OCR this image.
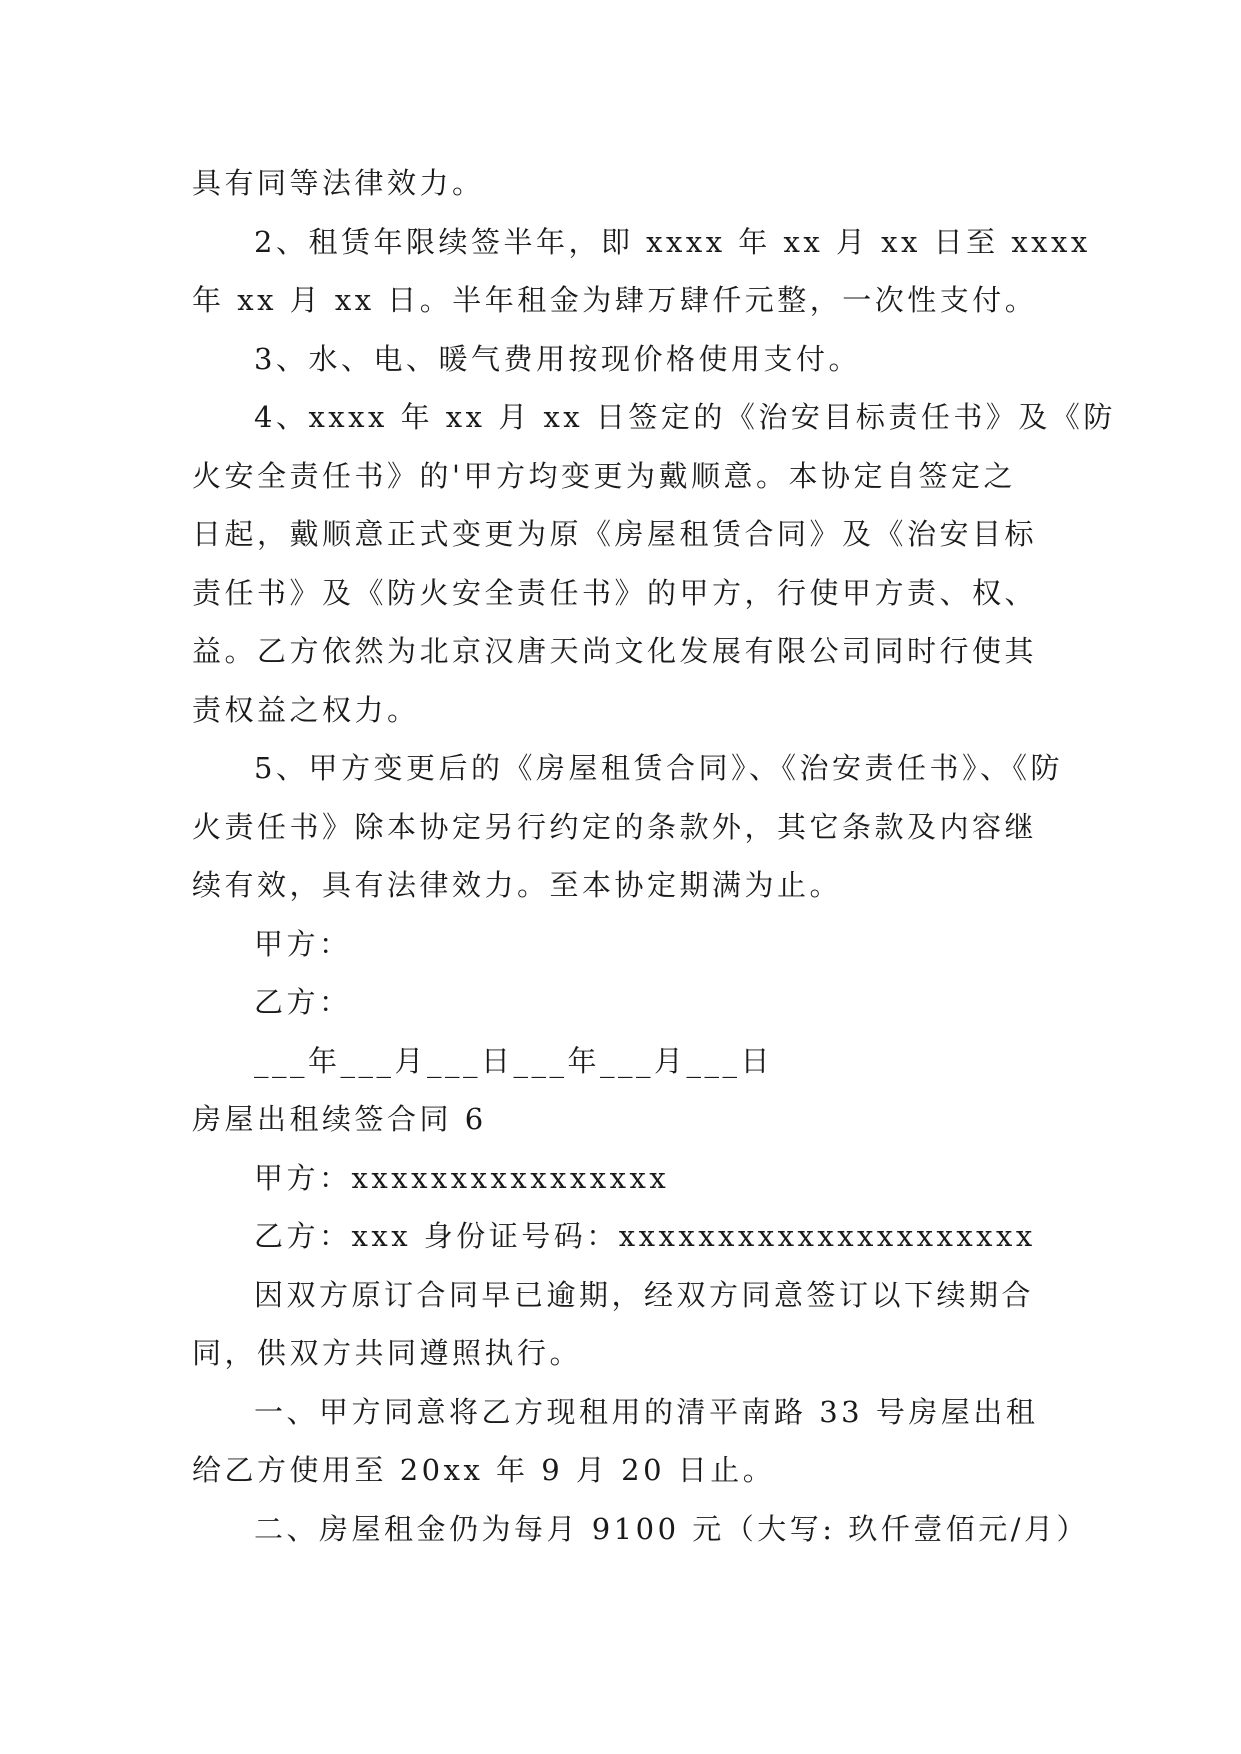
具有同等法律效力。
2、租赁年限续签半年，即 xxxx 年 xx 月 xx 日至 xxxx
年 xx 月 xx 日。半年租金为肆万肆仟元整，一次性支付。
3、水、电、暖气费用按现价格使用支付。
4、xxxx 年 xx 月 xx 日签定的《治安目标责任书》及《防
火安全责任书》的'甲方均变更为戴顺意。本协定自签定之
日起，戴顺意正式变更为原《房屋租赁合同》及《治安目标
责任书》及《防火安全责任书》的甲方，行使甲方责、权、
益。乙方依然为北京汉唐天尚文化发展有限公司同时行使其
责权益之权力。
5、甲方变更后的《房屋租赁合同》、《治安责任书》、《防
火责任书》除本协定另行约定的条款外，其它条款及内容继
续有效，具有法律效力。至本协定期满为止。
甲方：
乙方：
___年___月___日___年___月___日
房屋出租续签合同 6
甲方：xxxxxxxxxxxxxxxx
乙方：xxx 身份证号码：xxxxxxxxxxxxxxxxxxxxx
因双方原订合同早已逾期，经双方同意签订以下续期合
同，供双方共同遵照执行。
一、甲方同意将乙方现租用的清平南路 33 号房屋出租
给乙方使用至 20xx 年 9 月 20 日止。
二、房屋租金仍为每月 9100 元（大写: 玖仟壹佰元/月）
